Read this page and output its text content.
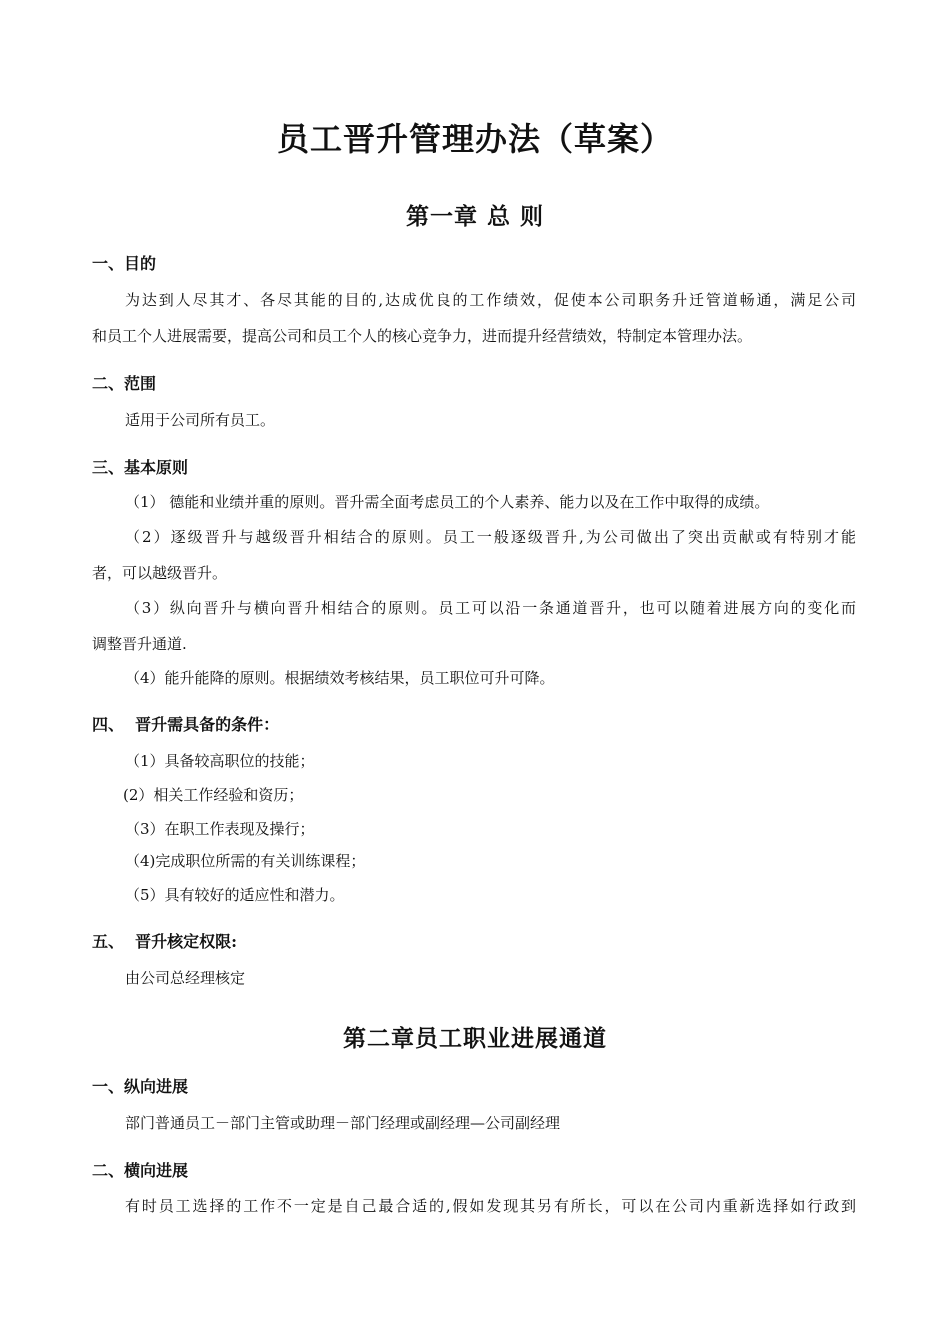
员工晋升管理办法（草案）
第一章 总 则
一、目的
为达到人尽其才、各尽其能的目的,达成优良的工作绩效，促使本公司职务升迁管道畅通，满足公司
和员工个人进展需要，提高公司和员工个人的核心竞争力，进而提升经营绩效，特制定本管理办法。
二、范围
适用于公司所有员工。
三、基本原则
（1） 德能和业绩并重的原则。晋升需全面考虑员工的个人素养、能力以及在工作中取得的成绩。
（2）逐级晋升与越级晋升相结合的原则。员工一般逐级晋升,为公司做出了突出贡献或有特别才能
者，可以越级晋升。
（3）纵向晋升与横向晋升相结合的原则。员工可以沿一条通道晋升，也可以随着进展方向的变化而
调整晋升通道.
（4）能升能降的原则。根据绩效考核结果，员工职位可升可降。
四、  晋升需具备的条件：
（1）具备较高职位的技能；
(2）相关工作经验和资历；
（3）在职工作表现及操行；
（4)完成职位所需的有关训练课程；
（5）具有较好的适应性和潜力。
五、  晋升核定权限:
由公司总经理核定
第二章员工职业进展通道
一、纵向进展
部门普通员工－部门主管或助理－部门经理或副经理—公司副经理
二、横向进展
有时员工选择的工作不一定是自己最合适的,假如发现其另有所长，可以在公司内重新选择如行政到
